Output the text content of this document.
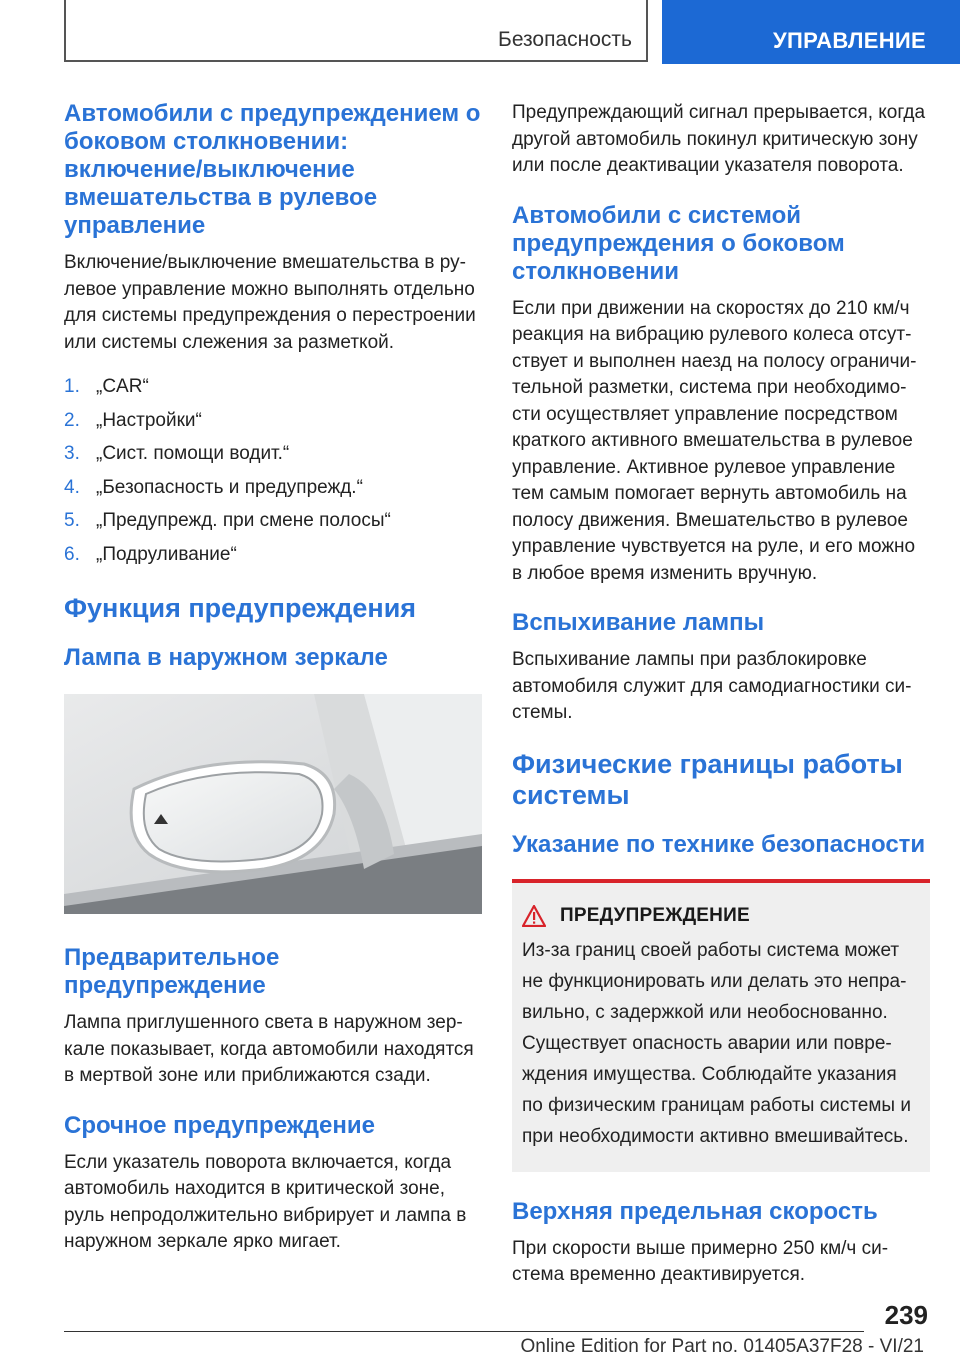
Безопасность	УПРАВЛЕНИЕ
Автомобили с предупреждением о боковом столкновении: включение/выключение вмешательства в рулевое управление

Включение/выключение вмешательства в ру- левое управление можно выполнять отдельно для системы предупреждения о перестроении или системы слежения за разметкой.

1. „CAR“
2. „Настройки“
3. „Сист. помощи водит.“
4. „Безопасность и предупрежд.“
5. „Предупрежд. при смене полосы“
6. „Подруливание“
Функция предупреждения
Лампа в наружном зеркале
Предварительное предупреждение

Лампа приглушенного света в наружном зер- кале показывает, когда автомобили находятся в мертвой зоне или приближаются сзади.

Срочное предупреждение

Если указатель поворота включается, когда автомобиль находится в критической зоне, руль непродолжительно вибрирует и лампа в наружном зеркале ярко мигает.

Предупреждающий сигнал прерывается, когда другой автомобиль покинул критическую зону или после деактивации указателя поворота.

Автомобили с системой предупреждения о боковом столкновении

Если при движении на скоростях до 210 км/ч реакция на вибрацию рулевого колеса отсут- ствует и выполнен наезд на полосу ограничи- тельной разметки, система при необходимо- сти осуществляет управление посредством краткого активного вмешательства в рулевое управление. Активное рулевое управление тем самым помогает вернуть автомобиль на полосу движения. Вмешательство в рулевое управление чувствуется на руле, и его можно в любое время изменить вручную.

Вспыхивание лампы

Вспыхивание лампы при разблокировке автомобиля служит для самодиагностики си- стемы.

Физические границы работы системы
Указание по технике безопасности
ПРЕДУПРЕЖДЕНИЕ

Из-за границ своей работы система может не функционировать или делать это непра- вильно, с задержкой или необоснованно. Существует опасность аварии или повре- ждения имущества. Соблюдайте указания по физическим границам работы системы и при необходимости активно вмешивайтесь.

Верхняя предельная скорость

При скорости выше примерно 250 км/ч си- стема временно деактивируется.

239
Online Edition for Part no. 01405A37F28 - VI/21
